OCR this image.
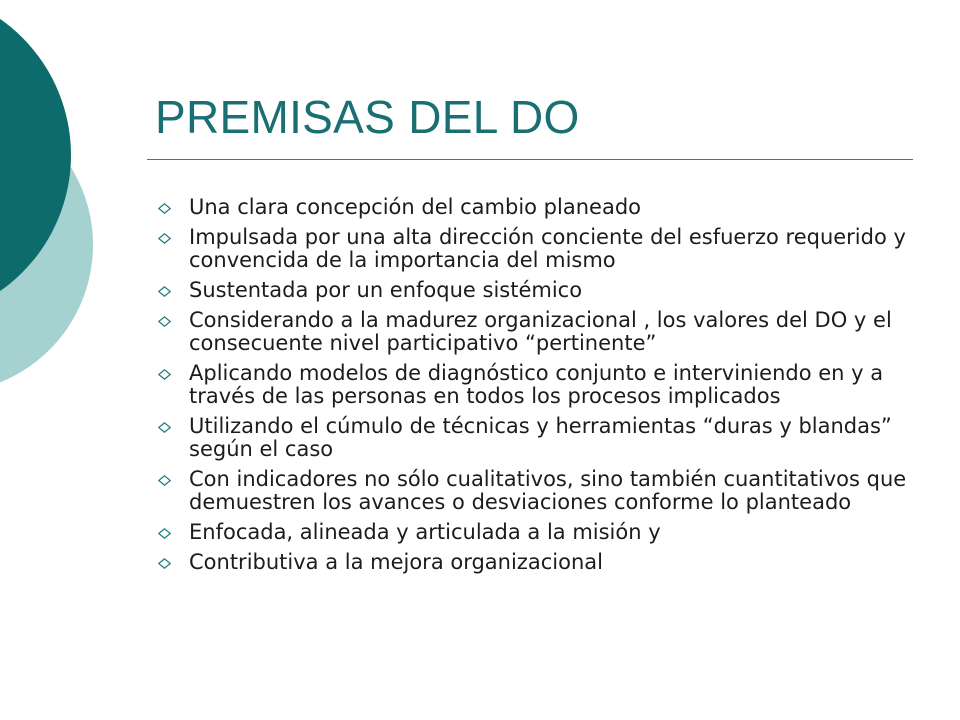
PREMISAS DEL DO
Una clara concepción del cambio planeado
Impulsada por una alta dirección conciente del esfuerzo requerido y convencida de la importancia del mismo
Sustentada por un enfoque sistémico
Considerando a la madurez organizacional , los valores del DO y el consecuente nivel participativo “pertinente”
Aplicando modelos de diagnóstico conjunto e interviniendo en y a través de las personas en todos los procesos implicados
Utilizando el cúmulo de técnicas y herramientas “duras y blandas” según el caso
Con indicadores no sólo cualitativos, sino también cuantitativos que demuestren los avances o desviaciones conforme lo planteado
Enfocada, alineada y articulada a la misión y
Contributiva a la mejora organizacional
